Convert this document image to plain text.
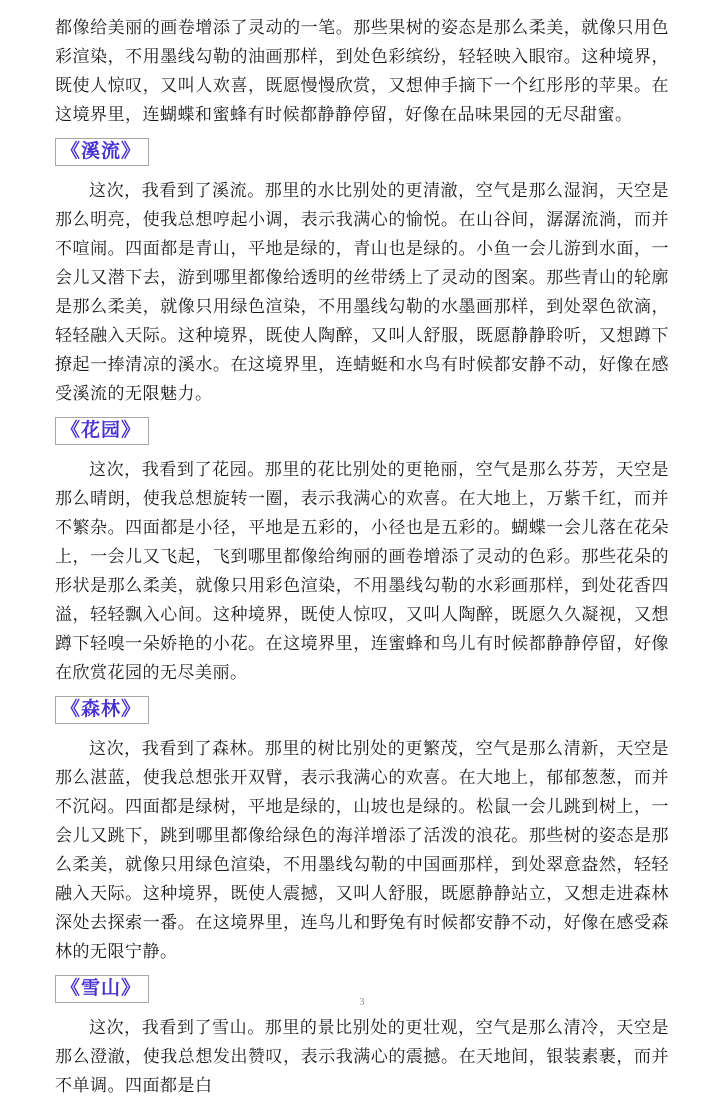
都像给美丽的画卷增添了灵动的一笔。那些果树的姿态是那么柔美，就像只用色彩渲染，不用墨线勾勒的油画那样，到处色彩缤纷，轻轻映入眼帘。这种境界，既使人惊叹，又叫人欢喜，既愿慢慢欣赏，又想伸手摘下一个红彤彤的苹果。在这境界里，连蝴蝶和蜜蜂有时候都静静停留，好像在品味果园的无尽甜蜜。

《溪流》

这次，我看到了溪流。那里的水比别处的更清澈，空气是那么湿润，天空是那么明亮，使我总想哼起小调，表示我满心的愉悦。在山谷间，潺潺流淌，而并不喧闹。四面都是青山，平地是绿的，青山也是绿的。小鱼一会儿游到水面，一会儿又潜下去，游到哪里都像给透明的丝带绣上了灵动的图案。那些青山的轮廓是那么柔美，就像只用绿色渲染，不用墨线勾勒的水墨画那样，到处翠色欲滴，轻轻融入天际。这种境界，既使人陶醉，又叫人舒服，既愿静静聆听，又想蹲下撩起一捧清凉的溪水。在这境界里，连蜻蜓和水鸟有时候都安静不动，好像在感受溪流的无限魅力。

《花园》

这次，我看到了花园。那里的花比别处的更艳丽，空气是那么芬芳，天空是那么晴朗，使我总想旋转一圈，表示我满心的欢喜。在大地上，万紫千红，而并不繁杂。四面都是小径，平地是五彩的，小径也是五彩的。蝴蝶一会儿落在花朵上，一会儿又飞起，飞到哪里都像给绚丽的画卷增添了灵动的色彩。那些花朵的形状是那么柔美，就像只用彩色渲染，不用墨线勾勒的水彩画那样，到处花香四溢，轻轻飘入心间。这种境界，既使人惊叹，又叫人陶醉，既愿久久凝视，又想蹲下轻嗅一朵娇艳的小花。在这境界里，连蜜蜂和鸟儿有时候都静静停留，好像在欣赏花园的无尽美丽。

《森林》

这次，我看到了森林。那里的树比别处的更繁茂，空气是那么清新，天空是那么湛蓝，使我总想张开双臂，表示我满心的欢喜。在大地上，郁郁葱葱，而并不沉闷。四面都是绿树，平地是绿的，山坡也是绿的。松鼠一会儿跳到树上，一会儿又跳下，跳到哪里都像给绿色的海洋增添了活泼的浪花。那些树的姿态是那么柔美，就像只用绿色渲染，不用墨线勾勒的中国画那样，到处翠意盎然，轻轻融入天际。这种境界，既使人震撼，又叫人舒服，既愿静静站立，又想走进森林深处去探索一番。在这境界里，连鸟儿和野兔有时候都安静不动，好像在感受森林的无限宁静。

《雪山》

这次，我看到了雪山。那里的景比别处的更壮观，空气是那么清冷，天空是那么澄澈，使我总想发出赞叹，表示我满心的震撼。在天地间，银装素裹，而并不单调。四面都是白

3
